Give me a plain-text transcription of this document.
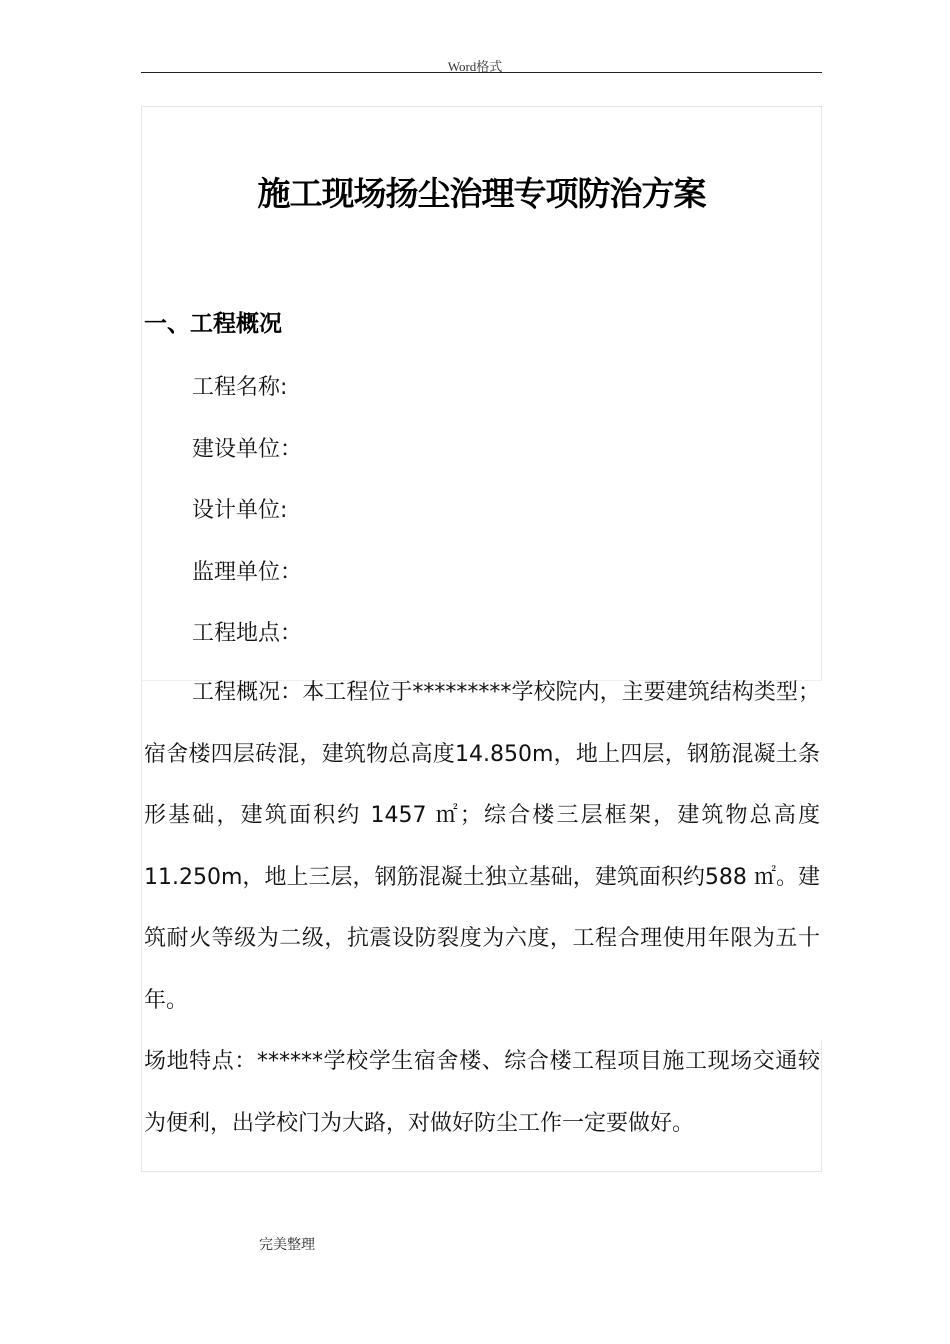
Word格式
施工现场扬尘治理专项防治方案
一、工程概况
工程名称:
建设单位：
设计单位:
监理单位：
工程地点：

工程概况：本工程位于*********学校院内，主要建筑结构类型；宿舍楼四层砖混，建筑物总高度14.850m，地上四层，钢筋混凝土条形基础，建筑面积约 1457 ㎡；综合楼三层框架，建筑物总高度11.250m，地上三层，钢筋混凝土独立基础，建筑面积约588 ㎡。建筑耐火等级为二级，抗震设防裂度为六度，工程合理使用年限为五十年。

场地特点：******学校学生宿舍楼、综合楼工程项目施工现场交通较为便利，出学校门为大路，对做好防尘工作一定要做好。

完美整理
